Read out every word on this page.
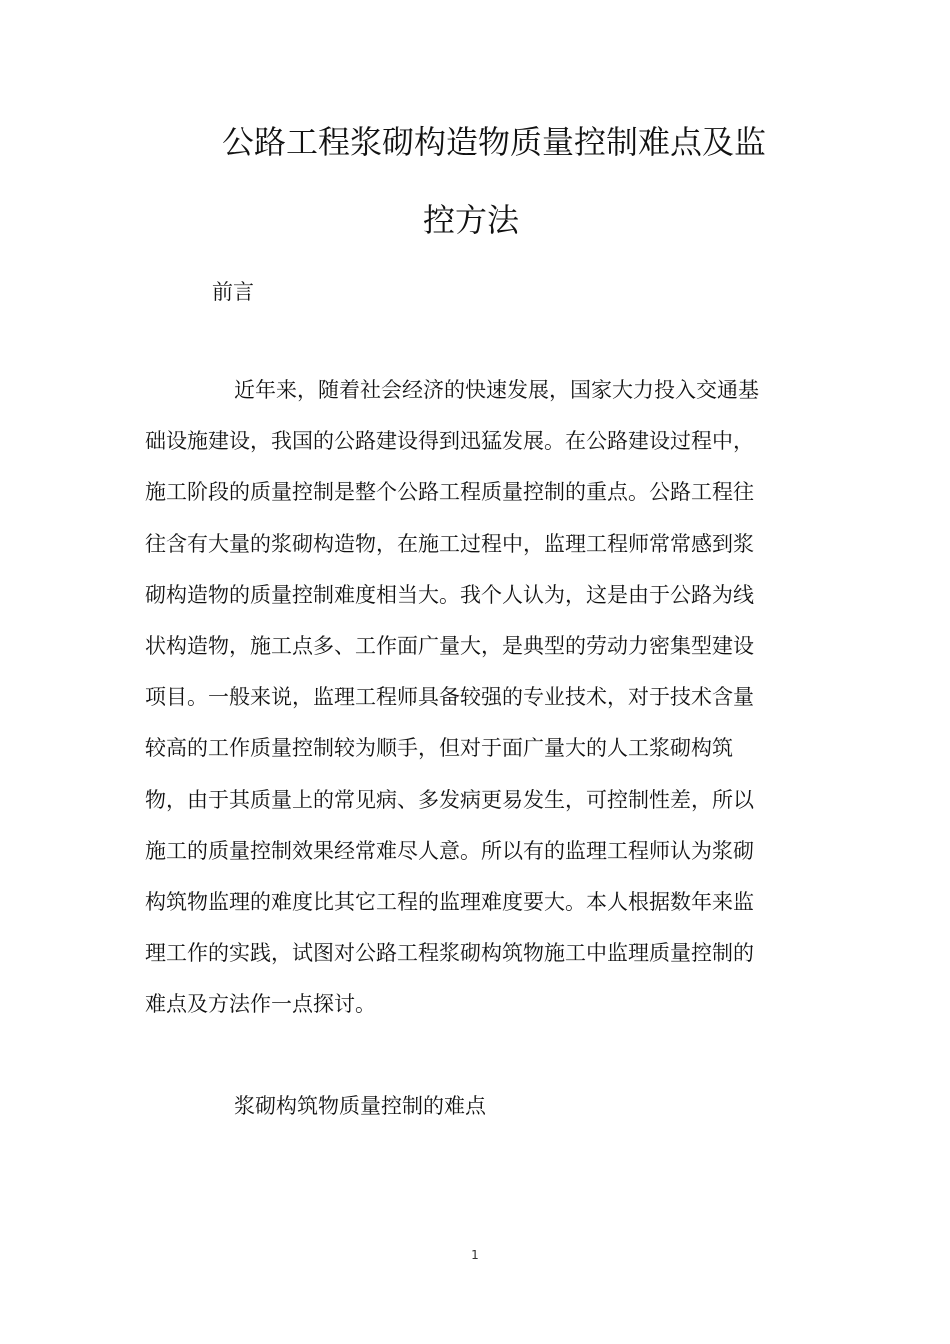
公路工程浆砌构造物质量控制难点及监
控方法
前言
近年来，随着社会经济的快速发展，国家大力投入交通基
础设施建设，我国的公路建设得到迅猛发展。在公路建设过程中，
施工阶段的质量控制是整个公路工程质量控制的重点。公路工程往
往含有大量的浆砌构造物，在施工过程中，监理工程师常常感到浆
砌构造物的质量控制难度相当大。我个人认为，这是由于公路为线
状构造物，施工点多、工作面广量大，是典型的劳动力密集型建设
项目。一般来说，监理工程师具备较强的专业技术，对于技术含量
较高的工作质量控制较为顺手，但对于面广量大的人工浆砌构筑
物，由于其质量上的常见病、多发病更易发生，可控制性差，所以
施工的质量控制效果经常难尽人意。所以有的监理工程师认为浆砌
构筑物监理的难度比其它工程的监理难度要大。本人根据数年来监
理工作的实践，试图对公路工程浆砌构筑物施工中监理质量控制的
难点及方法作一点探讨。
浆砌构筑物质量控制的难点
1
